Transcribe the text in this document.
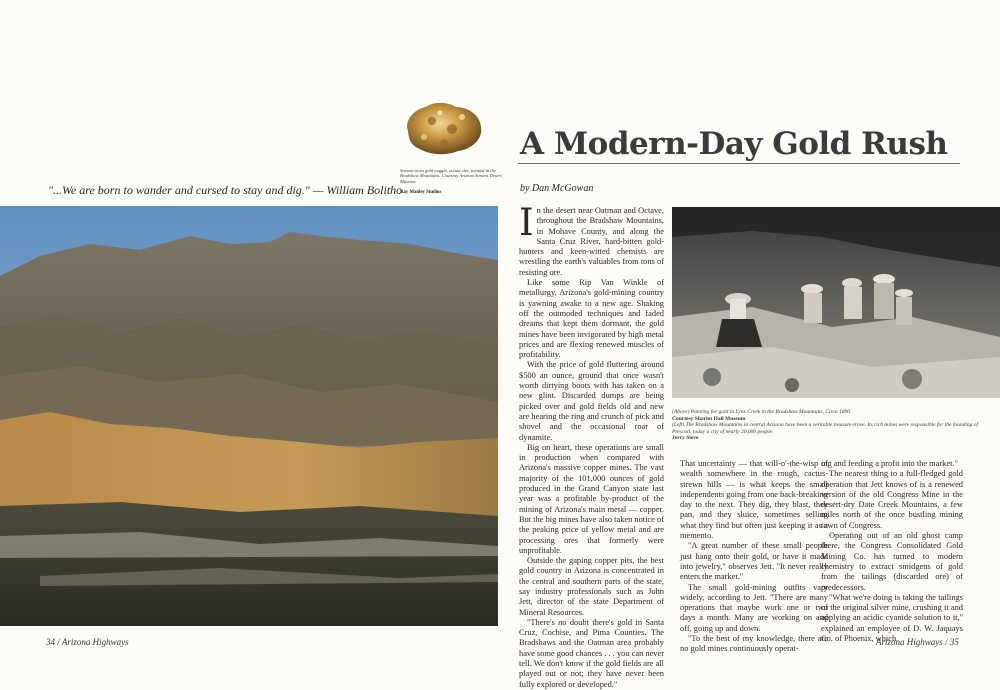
A Modern-Day Gold Rush
Stream-worn gold nugget, actual size, panned in the Bradshaw Mountains. Courtesy Arizona Sonora Desert Museum
Ray Manley Studios
"...We are born to wander and cursed to stay and dig." — William Bolitho	by Dan McGowan

In the desert near Oatman and Octave, throughout the Bradshaw Mountains, in Mohave County, and along the Santa Cruz River, hard-bitten gold-hunters and keen-witted chemists are wrestling the earth's valuables from tons of resisting ore.

Like some Rip Van Winkle of metallurgy, Arizona's gold-mining country is yawning awake to a new age. Shaking off the outmoded techniques and faded dreams that kept them dormant, the gold mines have been invigorated by high metal prices and are flexing renewed muscles of profitability.

With the price of gold fluttering around $500 an ounce, ground that once wasn't worth dirtying boots with has taken on a new glint. Discarded dumps are being picked over and gold fields old and new are hearing the ring and crunch of pick and shovel and the occasional roar of dynamite.

Big on heart, these operations are small in production when compared with Arizona's massive copper mines. The vast majority of the 101,000 ounces of gold produced in the Grand Canyon state last year was a profitable by-product of the mining of Arizona's main metal — copper. But the big mines have also taken notice of the peaking price of yellow metal and are processing ores that formerly were unprofitable.

Outside the gaping copper pits, the best gold country in Arizona is concentrated in the central and southern parts of the state, say industry professionals such as John Jett, director of the state Department of Mineral Resources.

"There's no doubt there's gold in Santa Cruz, Cochise, and Pima Counties. The Bradshaws and the Oatman area probably have some good chances . . . you can never tell. We don't know if the gold fields are all played out or not; they have never been fully explored or developed."

(Above) Panning for gold in Lynx Creek in the Bradshaw Mountains, Circa 1890.
Courtesy Sharlot Hall Museum
(Left) The Bradshaw Mountains in central Arizona have been a veritable treasure-trove. Its rich mines were responsible for the founding of Prescott, today a city of nearly 20,000 people.
Jerry Sieve

That uncertainty — that will-o'-the-wisp of wealth somewhere in the rough, cactus-strewn hills — is what keeps the small independents going from one back-breaking day to the next. They dig, they blast, they pan, and they sluice, sometimes selling what they find but often just keeping it as a memento.

"A great number of these small people just hang onto their gold, or have it made into jewelry," observes Jett. "It never really enters the market."

The small gold-mining outfits vary widely, according to Jett. "There are many operations that maybe work one or two days a month. Many are working on and off, going up and down.

"To the best of my knowledge, there are no gold mines continuously operat-

ing and feeding a profit into the market."

The nearest thing to a full-fledged gold operation that Jett knows of is a renewed version of the old Congress Mine in the desert-dry Date Creek Mountains, a few miles north of the once bustling mining town of Congress.

Operating out of an old ghost camp there, the Congress Consolidated Gold Mining Co. has turned to modern chemistry to extract smidgens of gold from the tailings (discarded ore) of predecessors.

"What we're doing is taking the tailings of the original silver mine, crushing it and applying an acidic cyanide solution to it," explained an employee of D. W. Jaquays Co. of Phoenix, which

34 / Arizona Highways	Arizona Highways / 35
